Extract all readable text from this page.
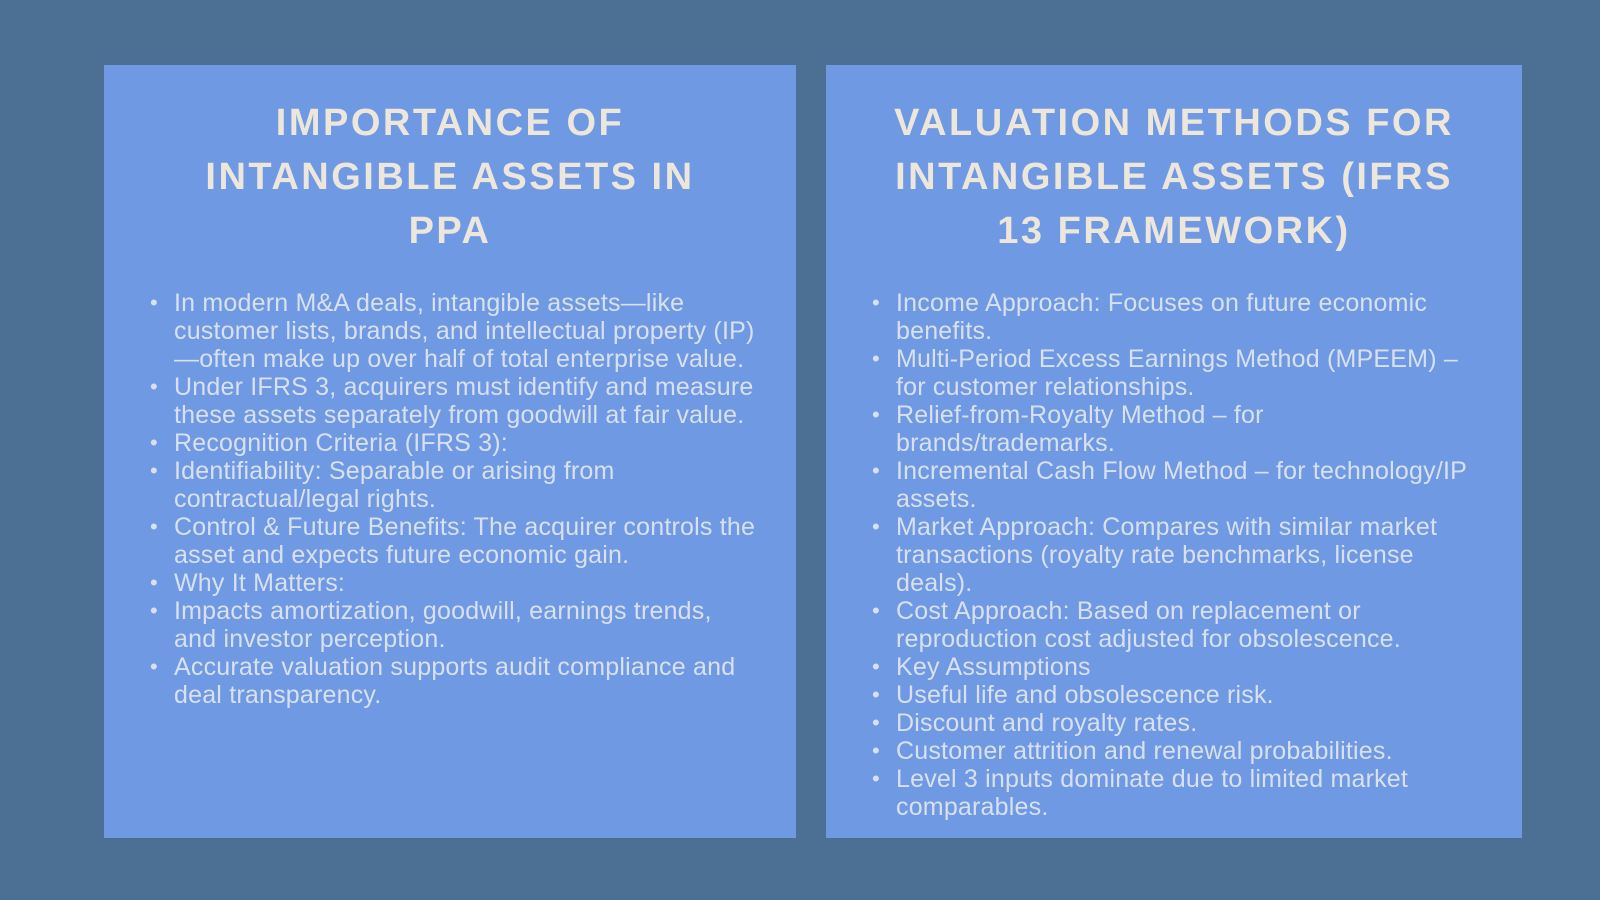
IMPORTANCE OF
INTANGIBLE ASSETS IN
PPA
• In modern M&A deals, intangible assets—like customer lists, brands, and intellectual property (IP)—often make up over half of total enterprise value.
• Under IFRS 3, acquirers must identify and measure these assets separately from goodwill at fair value.
• Recognition Criteria (IFRS 3):
• Identifiability: Separable or arising from contractual/legal rights.
• Control & Future Benefits: The acquirer controls the asset and expects future economic gain.
• Why It Matters:
• Impacts amortization, goodwill, earnings trends, and investor perception.
• Accurate valuation supports audit compliance and deal transparency.
VALUATION METHODS FOR
INTANGIBLE ASSETS (IFRS
13 FRAMEWORK)
• Income Approach: Focuses on future economic benefits.
• Multi-Period Excess Earnings Method (MPEEM) – for customer relationships.
• Relief-from-Royalty Method – for brands/trademarks.
• Incremental Cash Flow Method – for technology/IP assets.
• Market Approach: Compares with similar market transactions (royalty rate benchmarks, license deals).
• Cost Approach: Based on replacement or reproduction cost adjusted for obsolescence.
• Key Assumptions
• Useful life and obsolescence risk.
• Discount and royalty rates.
• Customer attrition and renewal probabilities.
• Level 3 inputs dominate due to limited market comparables.
